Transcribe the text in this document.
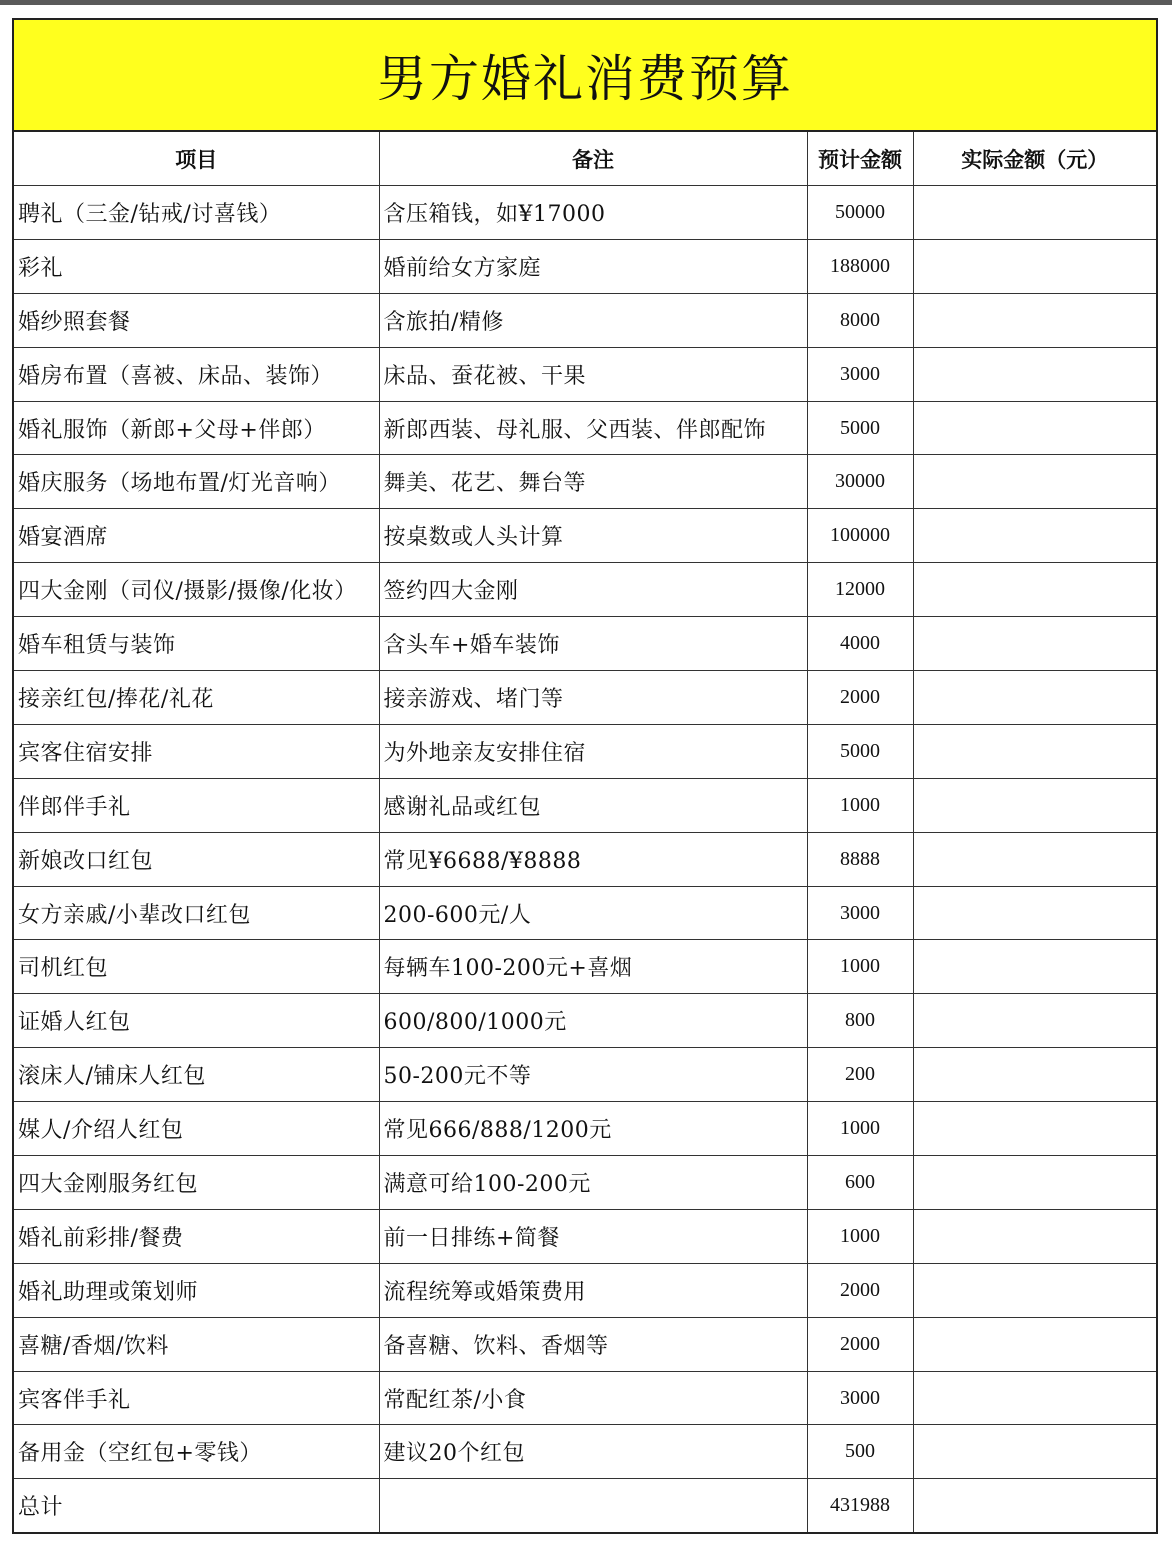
男方婚礼消费预算
项目	备注	预计金额	实际金额（元）
聘礼（三金/钻戒/讨喜钱）	含压箱钱，如¥17000	50000	
彩礼	婚前给女方家庭	188000	
婚纱照套餐	含旅拍/精修	8000	
婚房布置（喜被、床品、装饰）	床品、蚕花被、干果	3000	
婚礼服饰（新郎+父母+伴郎）	新郎西装、母礼服、父西装、伴郎配饰	5000	
婚庆服务（场地布置/灯光音响）	舞美、花艺、舞台等	30000	
婚宴酒席	按桌数或人头计算	100000	
四大金刚（司仪/摄影/摄像/化妆）	签约四大金刚	12000	
婚车租赁与装饰	含头车+婚车装饰	4000	
接亲红包/捧花/礼花	接亲游戏、堵门等	2000	
宾客住宿安排	为外地亲友安排住宿	5000	
伴郎伴手礼	感谢礼品或红包	1000	
新娘改口红包	常见¥6688/¥8888	8888	
女方亲戚/小辈改口红包	200-600元/人	3000	
司机红包	每辆车100-200元+喜烟	1000	
证婚人红包	600/800/1000元	800	
滚床人/铺床人红包	50-200元不等	200	
媒人/介绍人红包	常见666/888/1200元	1000	
四大金刚服务红包	满意可给100-200元	600	
婚礼前彩排/餐费	前一日排练+简餐	1000	
婚礼助理或策划师	流程统筹或婚策费用	2000	
喜糖/香烟/饮料	备喜糖、饮料、香烟等	2000	
宾客伴手礼	常配红茶/小食	3000	
备用金（空红包+零钱）	建议20个红包	500	
总计		431988	
